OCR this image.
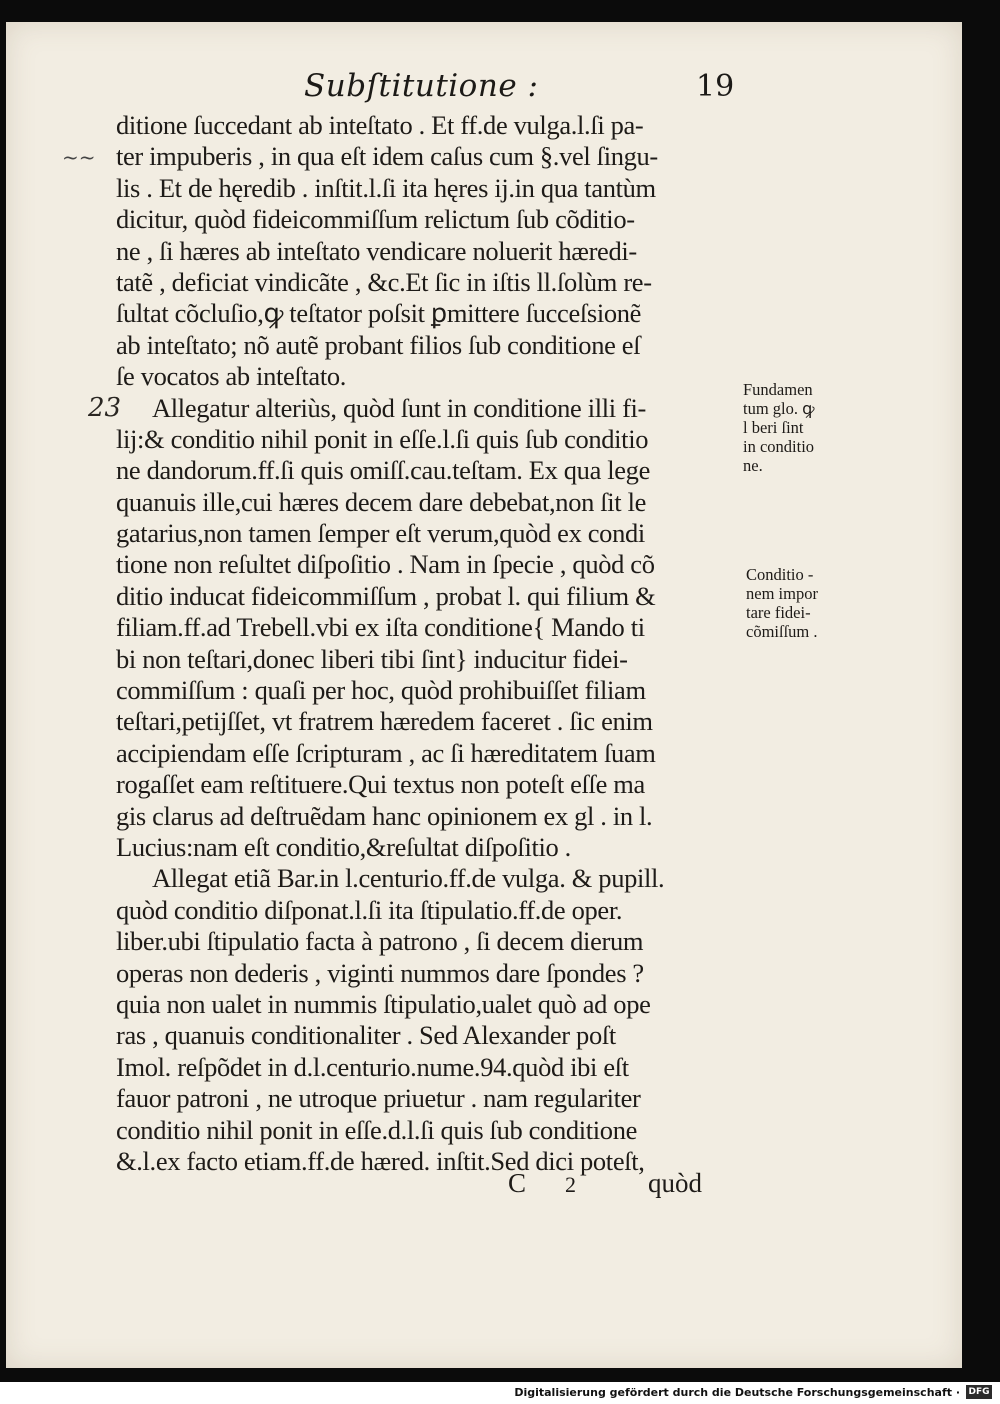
Subſtitutione :	19
~~
23
ditione ſuccedant ab inteſtato . Et ff.de vulga.l.ſi pa-
ter impuberis , in qua eſt idem caſus cum §.vel ſingu-
lis . Et de hęredib . inſtit.l.ſi ita hęres ij.in qua tantùm
dicitur, quòd fideicommiſſum relictum ſub cõditio-
ne , ſi hæres ab inteſtato vendicare noluerit hæredi-
tatẽ , deficiat vindicãte , &c.Et ſic in iſtis ll.ſolùm re-
ſultat cõcluſio,ꝙ teſtator poſsit ꝑmittere ſucceſsionẽ
ab inteſtato; nõ autẽ probant filios ſub conditione eſ
ſe vocatos ab inteſtato.
Allegatur alteriùs, quòd ſunt in conditione illi fi-
lij:& conditio nihil ponit in eſſe.l.ſi quis ſub conditio
ne dandorum.ff.ſi quis omiſſ.cau.teſtam. Ex qua lege
quanuis ille,cui hæres decem dare debebat,non ſit le
gatarius,non tamen ſemper eſt verum,quòd ex condi
tione non reſultet diſpoſitio . Nam in ſpecie , quòd cõ
ditio inducat fideicommiſſum , probat l. qui filium &
filiam.ff.ad Trebell.vbi ex iſta conditione{ Mando ti
bi non teſtari,donec liberi tibi ſint} inducitur fidei-
commiſſum : quaſi per hoc, quòd prohibuiſſet filiam
teſtari,petijſſet, vt fratrem hæredem faceret . ſic enim
accipiendam eſſe ſcripturam , ac ſi hæreditatem ſuam
rogaſſet eam reſtituere.Qui textus non poteſt eſſe ma
gis clarus ad deſtruẽdam hanc opinionem ex gl . in l.
Lucius:nam eſt conditio,&reſultat diſpoſitio .
Allegat etiã Bar.in l.centurio.ff.de vulga. & pupill.
quòd conditio diſponat.l.ſi ita ſtipulatio.ff.de oper.
liber.ubi ſtipulatio facta à patrono , ſi decem dierum
operas non dederis , viginti nummos dare ſpondes ?
quia non ualet in nummis ſtipulatio,ualet quò ad ope
ras , quanuis conditionaliter . Sed Alexander poſt
Imol. reſpõdet in d.l.centurio.nume.94.quòd ibi eſt
fauor patroni , ne utroque priuetur . nam regulariter
conditio nihil ponit in eſſe.d.l.ſi quis ſub conditione
&.l.ex facto etiam.ff.de hæred. inſtit.Sed dici poteſt,
Fundamen
tum glo. ꝙ
l beri ſint
in conditio
ne.
Conditio -
nem impor
tare fidei-
cõmiſſum .
C 2	quòd
Digitalisierung gefördert durch die Deutsche Forschungsgemeinschaft · DFG
